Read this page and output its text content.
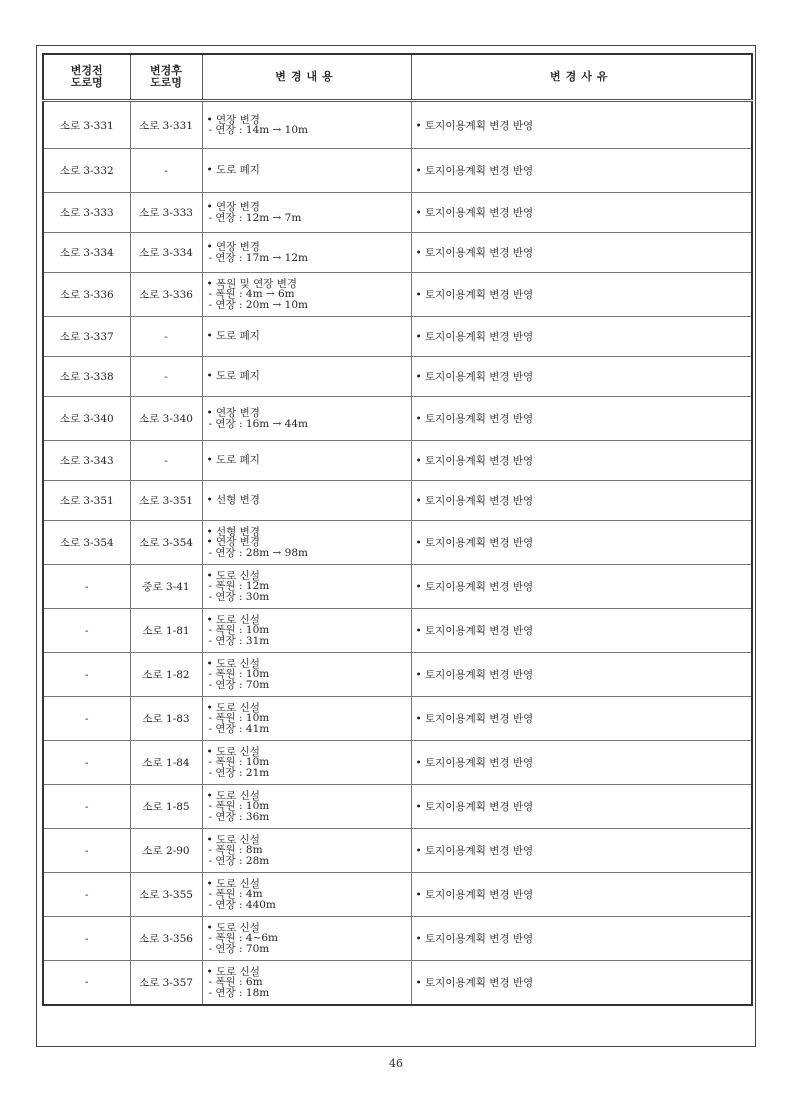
변경전
도로명	변경후
도로명	변경내용	변경사유
소로 3-331	소로 3-331	• 연장 변경
- 연장 : 14m → 10m	• 토지이용계획 변경 반영
소로 3-332	-	• 도로 폐지	• 토지이용계획 변경 반영
소로 3-333	소로 3-333	• 연장 변경
- 연장 : 12m → 7m	• 토지이용계획 변경 반영
소로 3-334	소로 3-334	• 연장 변경
- 연장 : 17m → 12m	• 토지이용계획 변경 반영
소로 3-336	소로 3-336	• 폭원 및 연장 변경
- 폭원 : 4m → 6m
- 연장 : 20m → 10m	• 토지이용계획 변경 반영
소로 3-337	-	• 도로 폐지	• 토지이용계획 변경 반영
소로 3-338	-	• 도로 폐지	• 토지이용계획 변경 반영
소로 3-340	소로 3-340	• 연장 변경
- 연장 : 16m → 44m	• 토지이용계획 변경 반영
소로 3-343	-	• 도로 폐지	• 토지이용계획 변경 반영
소로 3-351	소로 3-351	• 선형 변경	• 토지이용계획 변경 반영
소로 3-354	소로 3-354	• 선형 변경
• 연장 변경
- 연장 : 28m → 98m	• 토지이용계획 변경 반영
-	중로 3-41	• 도로 신설
- 폭원 : 12m
- 연장 : 30m	• 토지이용계획 변경 반영
-	소로 1-81	• 도로 신설
- 폭원 : 10m
- 연장 : 31m	• 토지이용계획 변경 반영
-	소로 1-82	• 도로 신설
- 폭원 : 10m
- 연장 : 70m	• 토지이용계획 변경 반영
-	소로 1-83	• 도로 신설
- 폭원 : 10m
- 연장 : 41m	• 토지이용계획 변경 반영
-	소로 1-84	• 도로 신설
- 폭원 : 10m
- 연장 : 21m	• 토지이용계획 변경 반영
-	소로 1-85	• 도로 신설
- 폭원 : 10m
- 연장 : 36m	• 토지이용계획 변경 반영
-	소로 2-90	• 도로 신설
- 폭원 : 8m
- 연장 : 28m	• 토지이용계획 변경 반영
-	소로 3-355	• 도로 신설
- 폭원 : 4m
- 연장 : 440m	• 토지이용계획 변경 반영
-	소로 3-356	• 도로 신설
- 폭원 : 4~6m
- 연장 : 70m	• 토지이용계획 변경 반영
-	소로 3-357	• 도로 신설
- 폭원 : 6m
- 연장 : 18m	• 토지이용계획 변경 반영
46
